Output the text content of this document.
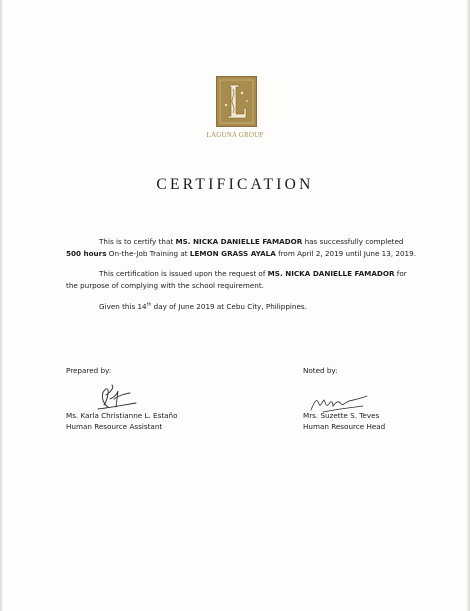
LAGUNA GROUP
CERTIFICATION
This is to certify that MS. NICKA DANIELLE FAMADOR has successfully completed 500 hours On-the-Job Training at LEMON GRASS AYALA from April 2, 2019 until June 13, 2019.
This certification is issued upon the request of MS. NICKA DANIELLE FAMADOR for the purpose of complying with the school requirement.
Given this 14th day of June 2019 at Cebu City, Philippines.
Prepared by:	Noted by:
Ms. Karla Christianne L. Estaño
Human Resource Assistant
Mrs. Suzette S. Teves
Human Resource Head
